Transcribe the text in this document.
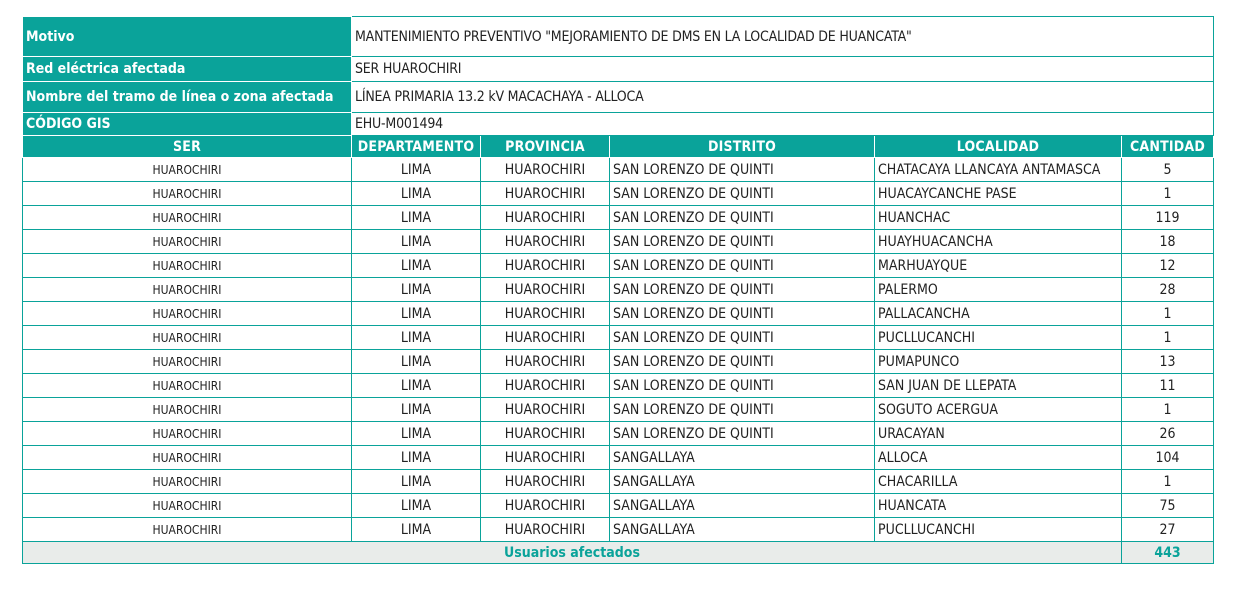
Motivo	MANTENIMIENTO PREVENTIVO "MEJORAMIENTO DE DMS EN LA LOCALIDAD DE HUANCATA"				
Red eléctrica afectada	SER HUAROCHIRI				
Nombre del tramo de línea o zona afectada	LÍNEA PRIMARIA 13.2 kV MACACHAYA - ALLOCA				
CÓDIGO GIS	EHU-M001494				
SER	DEPARTAMENTO	PROVINCIA	DISTRITO	LOCALIDAD	CANTIDAD
HUAROCHIRI	LIMA	HUAROCHIRI	SAN LORENZO DE QUINTI	CHATACAYA LLANCAYA ANTAMASCA	5
HUAROCHIRI	LIMA	HUAROCHIRI	SAN LORENZO DE QUINTI	HUACAYCANCHE PASE	1
HUAROCHIRI	LIMA	HUAROCHIRI	SAN LORENZO DE QUINTI	HUANCHAC	119
HUAROCHIRI	LIMA	HUAROCHIRI	SAN LORENZO DE QUINTI	HUAYHUACANCHA	18
HUAROCHIRI	LIMA	HUAROCHIRI	SAN LORENZO DE QUINTI	MARHUAYQUE	12
HUAROCHIRI	LIMA	HUAROCHIRI	SAN LORENZO DE QUINTI	PALERMO	28
HUAROCHIRI	LIMA	HUAROCHIRI	SAN LORENZO DE QUINTI	PALLACANCHA	1
HUAROCHIRI	LIMA	HUAROCHIRI	SAN LORENZO DE QUINTI	PUCLLUCANCHI	1
HUAROCHIRI	LIMA	HUAROCHIRI	SAN LORENZO DE QUINTI	PUMAPUNCO	13
HUAROCHIRI	LIMA	HUAROCHIRI	SAN LORENZO DE QUINTI	SAN JUAN DE LLEPATA	11
HUAROCHIRI	LIMA	HUAROCHIRI	SAN LORENZO DE QUINTI	SOGUTO ACERGUA	1
HUAROCHIRI	LIMA	HUAROCHIRI	SAN LORENZO DE QUINTI	URACAYAN	26
HUAROCHIRI	LIMA	HUAROCHIRI	SANGALLAYA	ALLOCA	104
HUAROCHIRI	LIMA	HUAROCHIRI	SANGALLAYA	CHACARILLA	1
HUAROCHIRI	LIMA	HUAROCHIRI	SANGALLAYA	HUANCATA	75
HUAROCHIRI	LIMA	HUAROCHIRI	SANGALLAYA	PUCLLUCANCHI	27
Usuarios afectados					443
